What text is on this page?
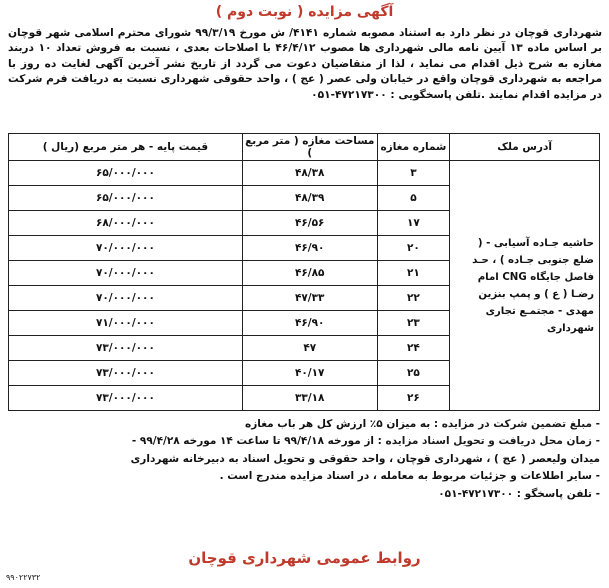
آگهی مزایده ( نوبت دوم )
شهرداری قوچان در نظر دارد به استناد مصوبه شماره ۴۱۴۱/ ش مورخ ۹۹/۳/۱۹ شورای محترم اسلامی شهر قوچان بر اساس ماده ۱۳ آیین نامه مالی شهرداری ها مصوب ۴۶/۴/۱۲ با اصلاحات بعدی ، نسبت به فروش تعداد ۱۰ دربند مغازه به شرح ذیل اقدام می نماید ، لذا از متقاضیان دعوت می گردد از تاریخ نشر آخرین آگهی لغایت ده روز با مراجعه به شهرداری قوچان واقع در خیابان ولی عصر ( عج ) ، واحد حقوقی شهرداری نسبت به دریافت فرم شرکت در مزایده اقدام نمایند .تلفن پاسخگویی : ۰۵۱-۴۷۲۱۷۳۰۰
آدرس ملک	شماره مغازه	مساحت مغازه ( متر مربع )	قیمت پایه - هر متر مربع (ریال )
حاشیه جـاده آسیابی - ( ضلع جنوبی جـاده ) ، حـد فاصل جایگاه CNG امام رضـا ( ع ) و پمپ بنزین مهدی - مجتمـع تجاری شهرداری	۳	۴۸/۳۸	۶۵/۰۰۰/۰۰۰
	۵	۴۸/۳۹	۶۵/۰۰۰/۰۰۰
	۱۷	۴۶/۵۶	۶۸/۰۰۰/۰۰۰
	۲۰	۴۶/۹۰	۷۰/۰۰۰/۰۰۰
	۲۱	۴۶/۸۵	۷۰/۰۰۰/۰۰۰
	۲۲	۴۷/۳۳	۷۰/۰۰۰/۰۰۰
	۲۳	۴۶/۹۰	۷۱/۰۰۰/۰۰۰
	۲۴	۴۷	۷۳/۰۰۰/۰۰۰
	۲۵	۴۰/۱۷	۷۳/۰۰۰/۰۰۰
	۲۶	۳۳/۱۸	۷۳/۰۰۰/۰۰۰
- مبلغ تضمین شرکت در مزایده : به میزان ۵٪ ارزش کل هر باب مغازه
- زمان محل دریافت و تحویل اسناد مزایده : از مورخه ۹۹/۴/۱۸ تا ساعت ۱۴ مورخه ۹۹/۴/۲۸ -
میدان ولیعصر ( عج ) ، شهرداری قوچان ، واحد حقوقی و تحویل اسناد به دبیرخانه شهرداری
- سایر اطلاعات و جزئیات مربوط به معامله ، در اسناد مزایده مندرج است .
- تلفن پاسخگو : ۰۵۱-۴۷۲۱۷۳۰۰
روابط عمومی شهرداری قوچان
۹۹۰۲۲۷۳۲
